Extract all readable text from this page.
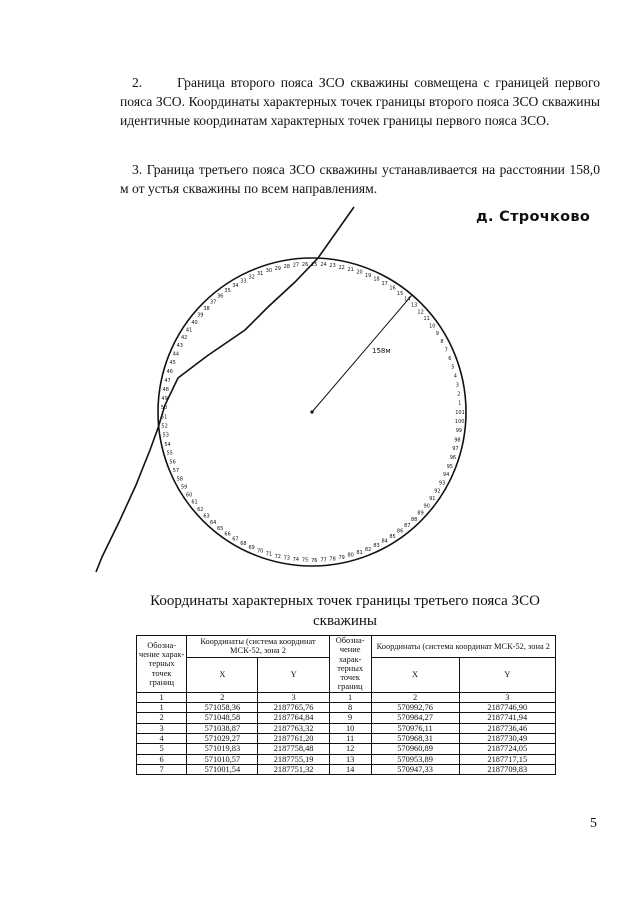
2.	Граница второго пояса ЗСО скважины совмещена с границей первого пояса ЗСО. Координаты характерных точек границы второго пояса ЗСО скважины идентичные координатам характерных точек границы первого пояса ЗСО.

3. Граница третьего пояса ЗСО скважины устанавливается на расстоянии 158,0 м от устья скважины по всем направлениям.

д. Строчково
158м
101
100
99
98
97
96
95
94
93
92
91
90
89
88
87
86
85
84
83
82
81
80
79
78
77
76
75
74
73
72
71
70
69
68
67
66
65
64
63
62
61
60
59
58
57
56
55
54
53
52
51
50
49
48
47
46
45
44
43
42
41
40
39
38
37
36
35
34
33
32
31 30 29 28 27 26 25 24 23 22 21 20
19
18
17
16
15
14
13
12
11
10
9
8
7
6
5
4
3
2
1
Координаты характерных точек границы третьего пояса ЗСО скважины
Обозна-чение харак-терных точек границ	Координаты (система координат МСК-52, зона 2		Обозна-чение харак-терных точек границ	Координаты (система координат МСК-52, зона 2	
	X	Y		X	Y
1	2	3	1	2	3
1	571058,36	2187765,76	8	570992,76	2187746,90
2	571048,58	2187764,84	9	570984,27	2187741,94
3	571038,87	2187763,32	10	570976,11	2187736,46
4	571029,27	2187761,20	11	570968,31	2187730,49
5	571019,83	2187758,48	12	570960,89	2187724,05
6	571010,57	2187755,19	13	570953,89	2187717,15
7	571001,54	2187751,32	14	570947,33	2187709,83
5
